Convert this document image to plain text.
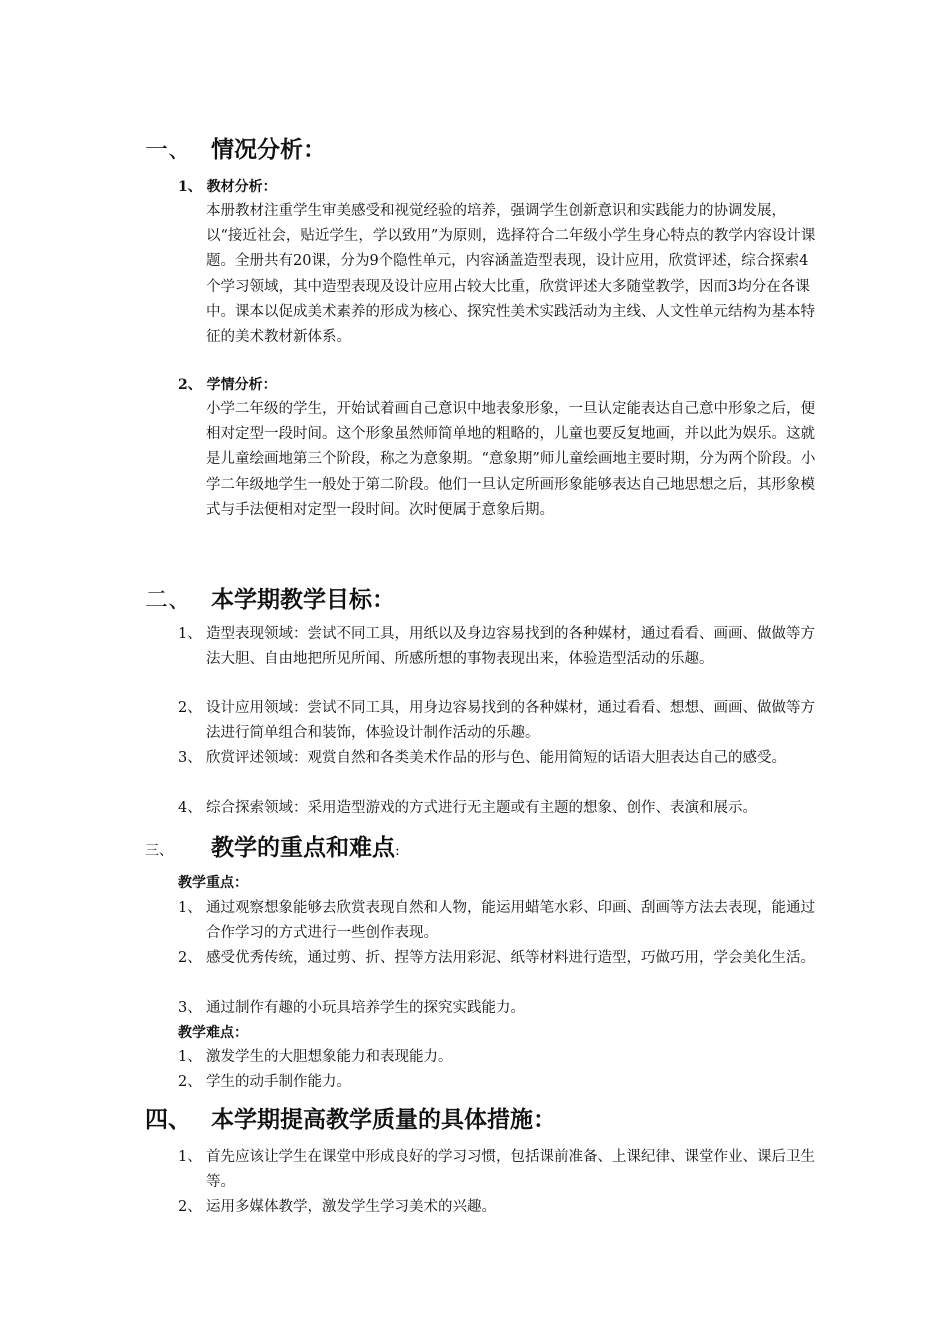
一、 情况分析：
1、 教材分析：
本册教材注重学生审美感受和视觉经验的培养，强调学生创新意识和实践能力的协调发展，以“接近社会，贴近学生，学以致用”为原则，选择符合二年级小学生身心特点的教学内容设计课题。全册共有20课，分为9个隐性单元，内容涵盖造型表现，设计应用，欣赏评述，综合探索4个学习领域，其中造型表现及设计应用占较大比重，欣赏评述大多随堂教学，因而3均分在各课中。课本以促成美术素养的形成为核心、探究性美术实践活动为主线、人文性单元结构为基本特征的美术教材新体系。
2、 学情分析：
小学二年级的学生，开始试着画自己意识中地表象形象，一旦认定能表达自己意中形象之后，便相对定型一段时间。这个形象虽然师简单地的粗略的，儿童也要反复地画，并以此为娱乐。这就是儿童绘画地第三个阶段，称之为意象期。“意象期”师儿童绘画地主要时期，分为两个阶段。小学二年级地学生一般处于第二阶段。他们一旦认定所画形象能够表达自己地思想之后，其形象模式与手法便相对定型一段时间。次时便属于意象后期。
二、 本学期教学目标：
1、 造型表现领域：尝试不同工具，用纸以及身边容易找到的各种媒材，通过看看、画画、做做等方法大胆、自由地把所见所闻、所感所想的事物表现出来，体验造型活动的乐趣。
2、 设计应用领域：尝试不同工具，用身边容易找到的各种媒材，通过看看、想想、画画、做做等方法进行简单组合和装饰，体验设计制作活动的乐趣。
3、 欣赏评述领域：观赏自然和各类美术作品的形与色、能用简短的话语大胆表达自己的感受。
4、 综合探索领域：采用造型游戏的方式进行无主题或有主题的想象、创作、表演和展示。
三、 教学的重点和难点:
教学重点：
1、 通过观察想象能够去欣赏表现自然和人物，能运用蜡笔水彩、印画、刮画等方法去表现，能通过合作学习的方式进行一些创作表现。
2、 感受优秀传统，通过剪、折、捏等方法用彩泥、纸等材料进行造型，巧做巧用，学会美化生活。
3、 通过制作有趣的小玩具培养学生的探究实践能力。
教学难点：
1、 激发学生的大胆想象能力和表现能力。
2、 学生的动手制作能力。
四、 本学期提高教学质量的具体措施：
1、 首先应该让学生在课堂中形成良好的学习习惯，包括课前准备、上课纪律、课堂作业、课后卫生等。
2、 运用多媒体教学，激发学生学习美术的兴趣。
